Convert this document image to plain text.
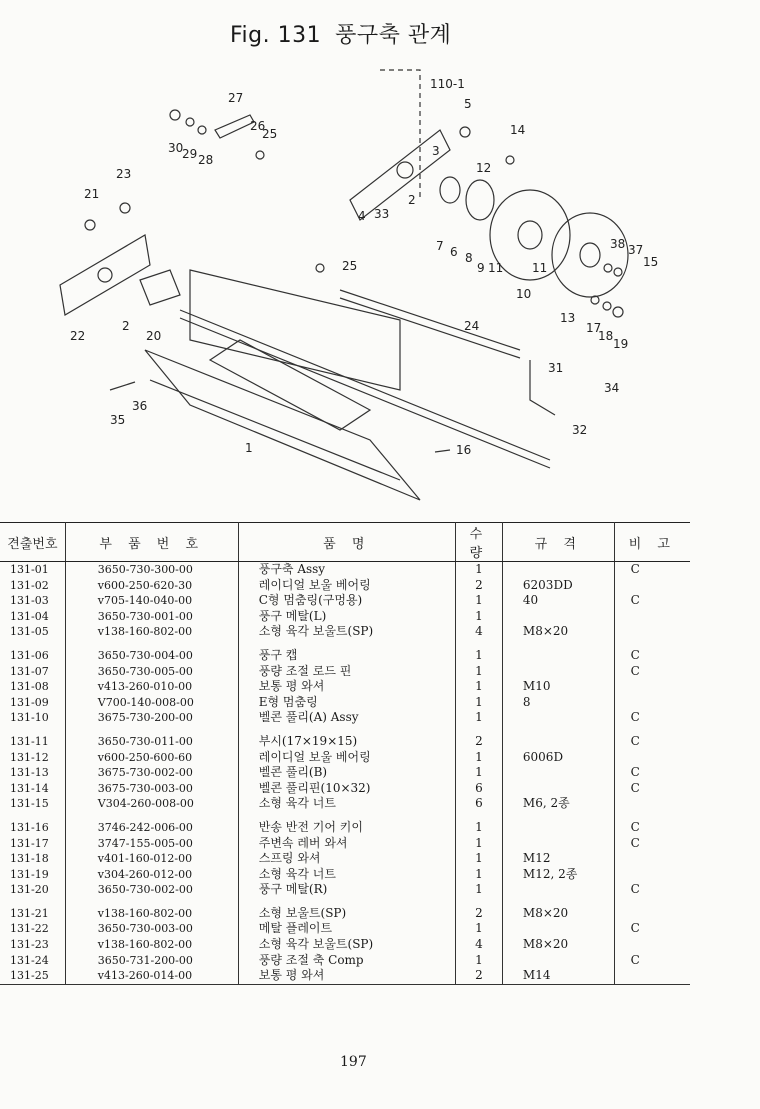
Fig. 131 풍구축 관계
110-1
27	5
14
25
26
28
29
30	3
12
21
23
4 33
2
7 6 8
9 11
10
11
38 37
15
25
22
2
20
13
17
18
19
24
31
34
36
35
32
1	16
견출번호	부 품 번 호	품 명	수 량	규 격	비 고
131-01	3650-730-300-00	풍구축 Assy	1		C
131-02	v600-250-620-30	레이디얼 보울 베어링	2	6203DD	
131-03	v705-140-040-00	C형 멈춤링(구멍용)	1	40	C
131-04	3650-730-001-00	풍구 메탈(L)	1		
131-05	v138-160-802-00	소형 육각 보울트(SP)	4	M8×20	

131-06	3650-730-004-00	풍구 캡	1		C
131-07	3650-730-005-00	풍량 조절 로드 핀	1		C
131-08	v413-260-010-00	보통 평 와셔	1	M10	
131-09	V700-140-008-00	E형 멈춤링	1	8	
131-10	3675-730-200-00	벨콘 풀리(A) Assy	1		C

131-11	3650-730-011-00	부시(17×19×15)	2		C
131-12	v600-250-600-60	레이디얼 보울 베어링	1	6006D	
131-13	3675-730-002-00	벨콘 풀리(B)	1		C
131-14	3675-730-003-00	벨콘 풀리핀(10×32)	6		C
131-15	V304-260-008-00	소형 육각 너트	6	M6, 2종	

131-16	3746-242-006-00	반송 반전 기어 키이	1		C
131-17	3747-155-005-00	주변속 레버 와셔	1		C
131-18	v401-160-012-00	스프링 와셔	1	M12	
131-19	v304-260-012-00	소형 육각 너트	1	M12, 2종	
131-20	3650-730-002-00	풍구 메탈(R)	1		C

131-21	v138-160-802-00	소형 보울트(SP)	2	M8×20	
131-22	3650-730-003-00	메탈 플레이트	1		C
131-23	v138-160-802-00	소형 육각 보울트(SP)	4	M8×20	
131-24	3650-731-200-00	풍량 조절 축 Comp	1		C
131-25	v413-260-014-00	보통 평 와셔	2	M14	
197
